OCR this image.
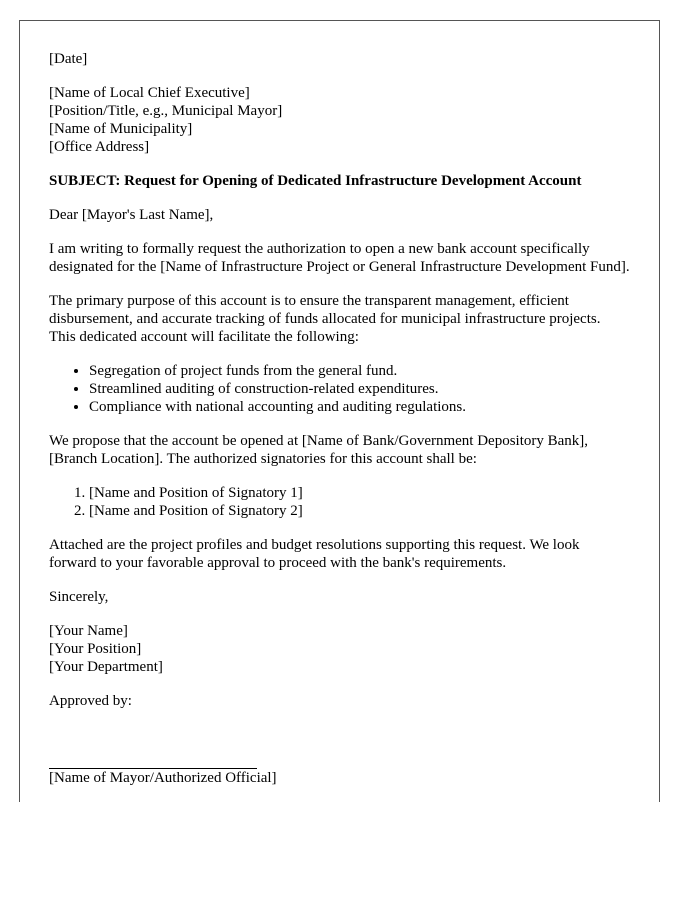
[Date]

[Name of Local Chief Executive]
[Position/Title, e.g., Municipal Mayor]
[Name of Municipality]
[Office Address]

SUBJECT: Request for Opening of Dedicated Infrastructure Development Account

Dear [Mayor's Last Name],

I am writing to formally request the authorization to open a new bank account specifically designated for the [Name of Infrastructure Project or General Infrastructure Development Fund].

The primary purpose of this account is to ensure the transparent management, efficient disbursement, and accurate tracking of funds allocated for municipal infrastructure projects. This dedicated account will facilitate the following:

• Segregation of project funds from the general fund.
• Streamlined auditing of construction-related expenditures.
• Compliance with national accounting and auditing regulations.

We propose that the account be opened at [Name of Bank/Government Depository Bank], [Branch Location]. The authorized signatories for this account shall be:

1. [Name and Position of Signatory 1]
2. [Name and Position of Signatory 2]

Attached are the project profiles and budget resolutions supporting this request. We look forward to your favorable approval to proceed with the bank's requirements.

Sincerely,

[Your Name]
[Your Position]
[Your Department]

Approved by:

[Name of Mayor/Authorized Official]
